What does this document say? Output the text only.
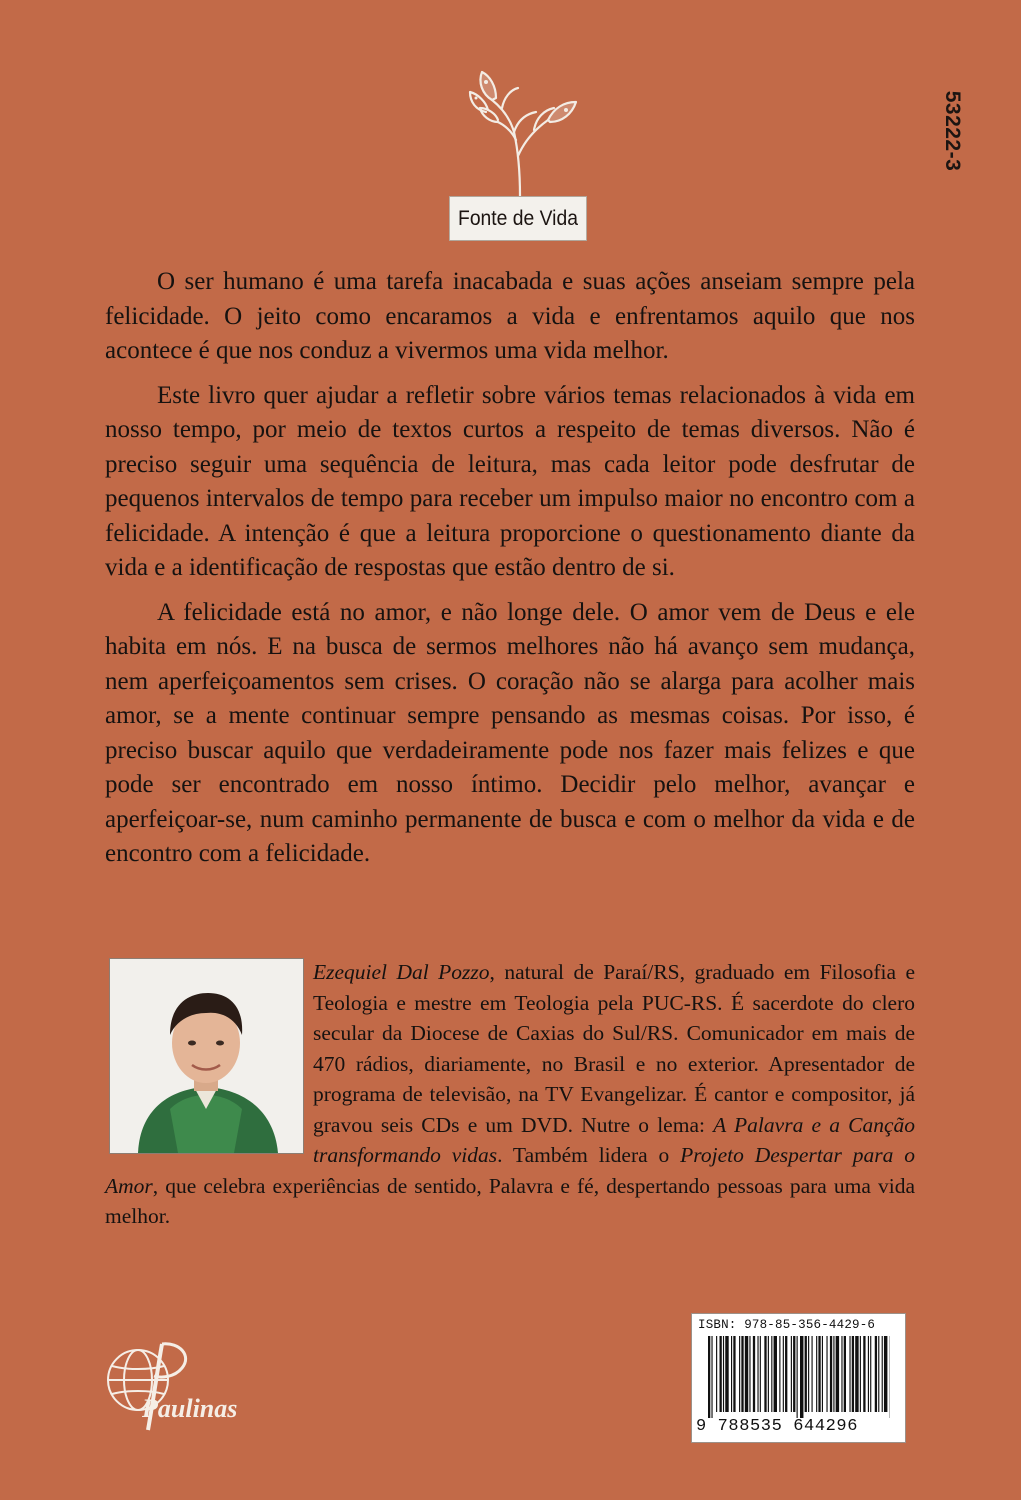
53222-3
Fonte de Vida

O ser humano é uma tarefa inacabada e suas ações anseiam sempre pela felicidade. O jeito como encaramos a vida e enfrentamos aquilo que nos acontece é que nos conduz a vivermos uma vida melhor.

Este livro quer ajudar a refletir sobre vários temas relacionados à vida em nosso tempo, por meio de textos curtos a respeito de temas diversos. Não é preciso seguir uma sequência de leitura, mas cada leitor pode desfrutar de pequenos intervalos de tempo para receber um impulso maior no encontro com a felicidade. A intenção é que a leitura proporcione o questionamento diante da vida e a identificação de respostas que estão dentro de si.

A felicidade está no amor, e não longe dele. O amor vem de Deus e ele habita em nós. E na busca de sermos melhores não há avanço sem mudança, nem aperfeiçoamentos sem crises. O coração não se alarga para acolher mais amor, se a mente continuar sempre pensando as mesmas coisas. Por isso, é preciso buscar aquilo que verdadeiramente pode nos fazer mais felizes e que pode ser encontrado em nosso íntimo. Decidir pelo melhor, avançar e aperfeiçoar-se, num caminho permanente de busca e com o melhor da vida e de encontro com a felicidade.

Ezequiel Dal Pozzo, natural de Paraí/RS, graduado em Filosofia e Teologia e mestre em Teologia pela PUC-RS. É sacerdote do clero secular da Diocese de Caxias do Sul/RS. Comunicador em mais de 470 rádios, diariamente, no Brasil e no exterior. Apresentador de programa de televisão, na TV Evangelizar. É cantor e compositor, já gravou seis CDs e um DVD. Nutre o lema: A Palavra e a Canção transformando vidas. Também lidera o Projeto Despertar para o Amor, que celebra experiências de sentido, Palavra e fé, despertando pessoas para uma vida melhor.
Paulinas
ISBN: 978-85-356-4429-6
9 788535 644296
